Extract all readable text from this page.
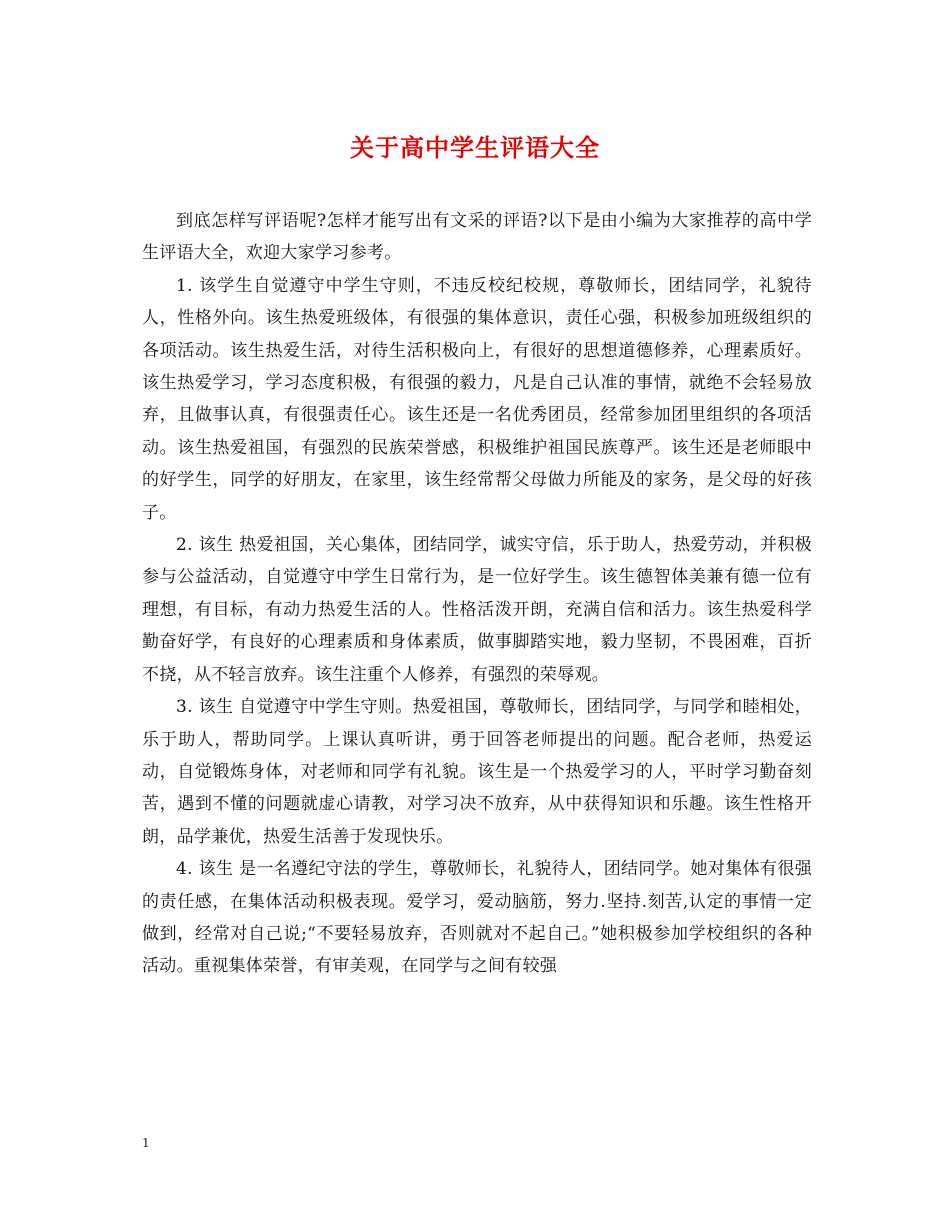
关于高中学生评语大全

到底怎样写评语呢?怎样才能写出有文采的评语?以下是由小编为大家推荐的高中学生评语大全，欢迎大家学习参考。

1. 该学生自觉遵守中学生守则，不违反校纪校规，尊敬师长，团结同学，礼貌待人，性格外向。该生热爱班级体，有很强的集体意识，责任心强，积极参加班级组织的各项活动。该生热爱生活，对待生活积极向上，有很好的思想道德修养，心理素质好。该生热爱学习，学习态度积极，有很强的毅力，凡是自己认准的事情，就绝不会轻易放弃，且做事认真，有很强责任心。该生还是一名优秀团员，经常参加团里组织的各项活动。该生热爱祖国，有强烈的民族荣誉感，积极维护祖国民族尊严。该生还是老师眼中的好学生，同学的好朋友，在家里，该生经常帮父母做力所能及的家务，是父母的好孩子。

2. 该生 热爱祖国，关心集体，团结同学，诚实守信，乐于助人，热爱劳动，并积极参与公益活动，自觉遵守中学生日常行为，是一位好学生。该生德智体美兼有德一位有理想，有目标，有动力热爱生活的人。性格活泼开朗，充满自信和活力。该生热爱科学勤奋好学，有良好的心理素质和身体素质，做事脚踏实地，毅力坚韧，不畏困难，百折不挠，从不轻言放弃。该生注重个人修养，有强烈的荣辱观。

3. 该生 自觉遵守中学生守则。热爱祖国，尊敬师长，团结同学，与同学和睦相处，乐于助人，帮助同学。上课认真听讲，勇于回答老师提出的问题。配合老师，热爱运动，自觉锻炼身体，对老师和同学有礼貌。该生是一个热爱学习的人，平时学习勤奋刻苦，遇到不懂的问题就虚心请教，对学习决不放弃，从中获得知识和乐趣。该生性格开朗，品学兼优，热爱生活善于发现快乐。

4. 该生 是一名遵纪守法的学生，尊敬师长，礼貌待人，团结同学。她对集体有很强的责任感，在集体活动积极表现。爱学习，爱动脑筋，努力.坚持.刻苦,认定的事情一定做到，经常对自己说;“不要轻易放弃，否则就对不起自己。”她积极参加学校组织的各种活动。重视集体荣誉，有审美观，在同学与之间有较强

1
